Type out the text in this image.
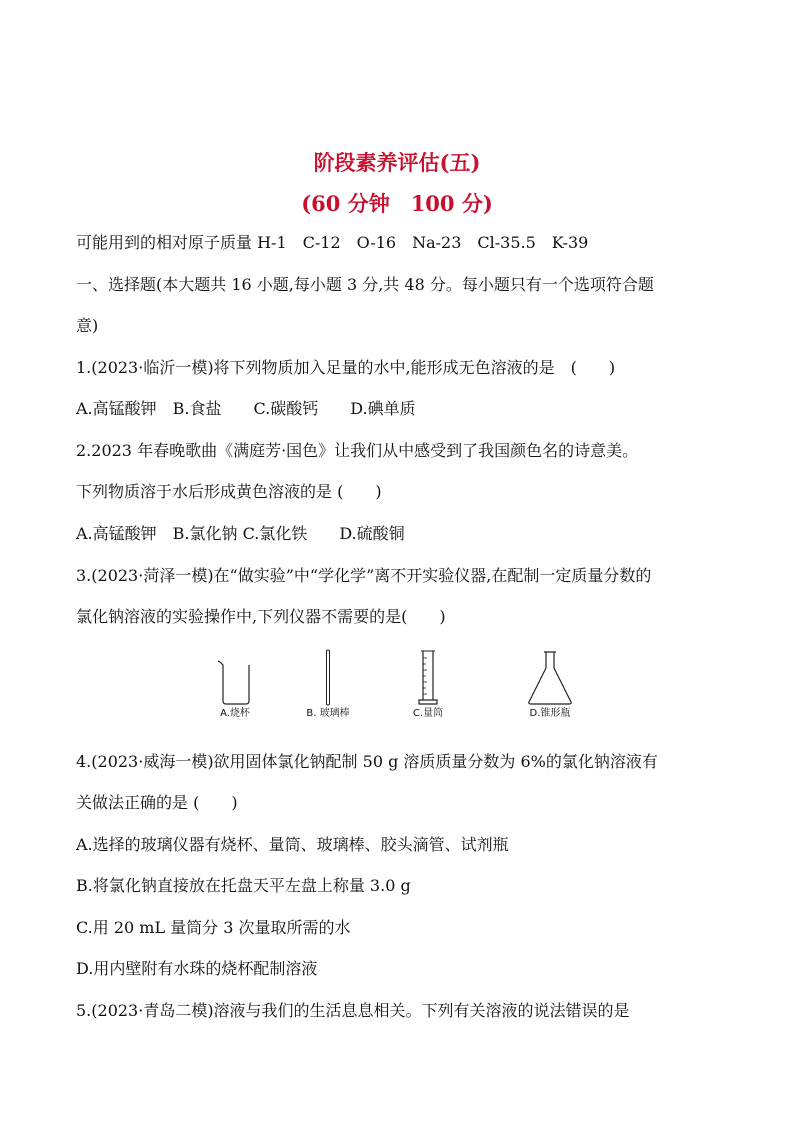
阶段素养评估(五)
(60 分钟　100 分)
可能用到的相对原子质量 H-1　C-12　O-16　Na-23　Cl-35.5　K-39
一、选择题(本大题共 16 小题,每小题 3 分,共 48 分。每小题只有一个选项符合题
意)
1.(2023·临沂一模)将下列物质加入足量的水中,能形成无色溶液的是　(　　)
A.高锰酸钾　B.食盐　　C.碳酸钙　　D.碘单质
2.2023 年春晚歌曲《满庭芳·国色》让我们从中感受到了我国颜色名的诗意美。
下列物质溶于水后形成黄色溶液的是 (　　)
A.高锰酸钾　B.氯化钠 C.氯化铁　　D.硫酸铜
3.(2023·菏泽一模)在“做实验”中“学化学”离不开实验仪器,在配制一定质量分数的
氯化钠溶液的实验操作中,下列仪器不需要的是(　　)
A.烧杯	B. 玻璃棒	C.量筒	D.锥形瓶
4.(2023·威海一模)欲用固体氯化钠配制 50 g 溶质质量分数为 6%的氯化钠溶液有
关做法正确的是 (　　)
A.选择的玻璃仪器有烧杯、量筒、玻璃棒、胶头滴管、试剂瓶
B.将氯化钠直接放在托盘天平左盘上称量 3.0 g
C.用 20 mL 量筒分 3 次量取所需的水
D.用内壁附有水珠的烧杯配制溶液
5.(2023·青岛二模)溶液与我们的生活息息相关。下列有关溶液的说法错误的是
